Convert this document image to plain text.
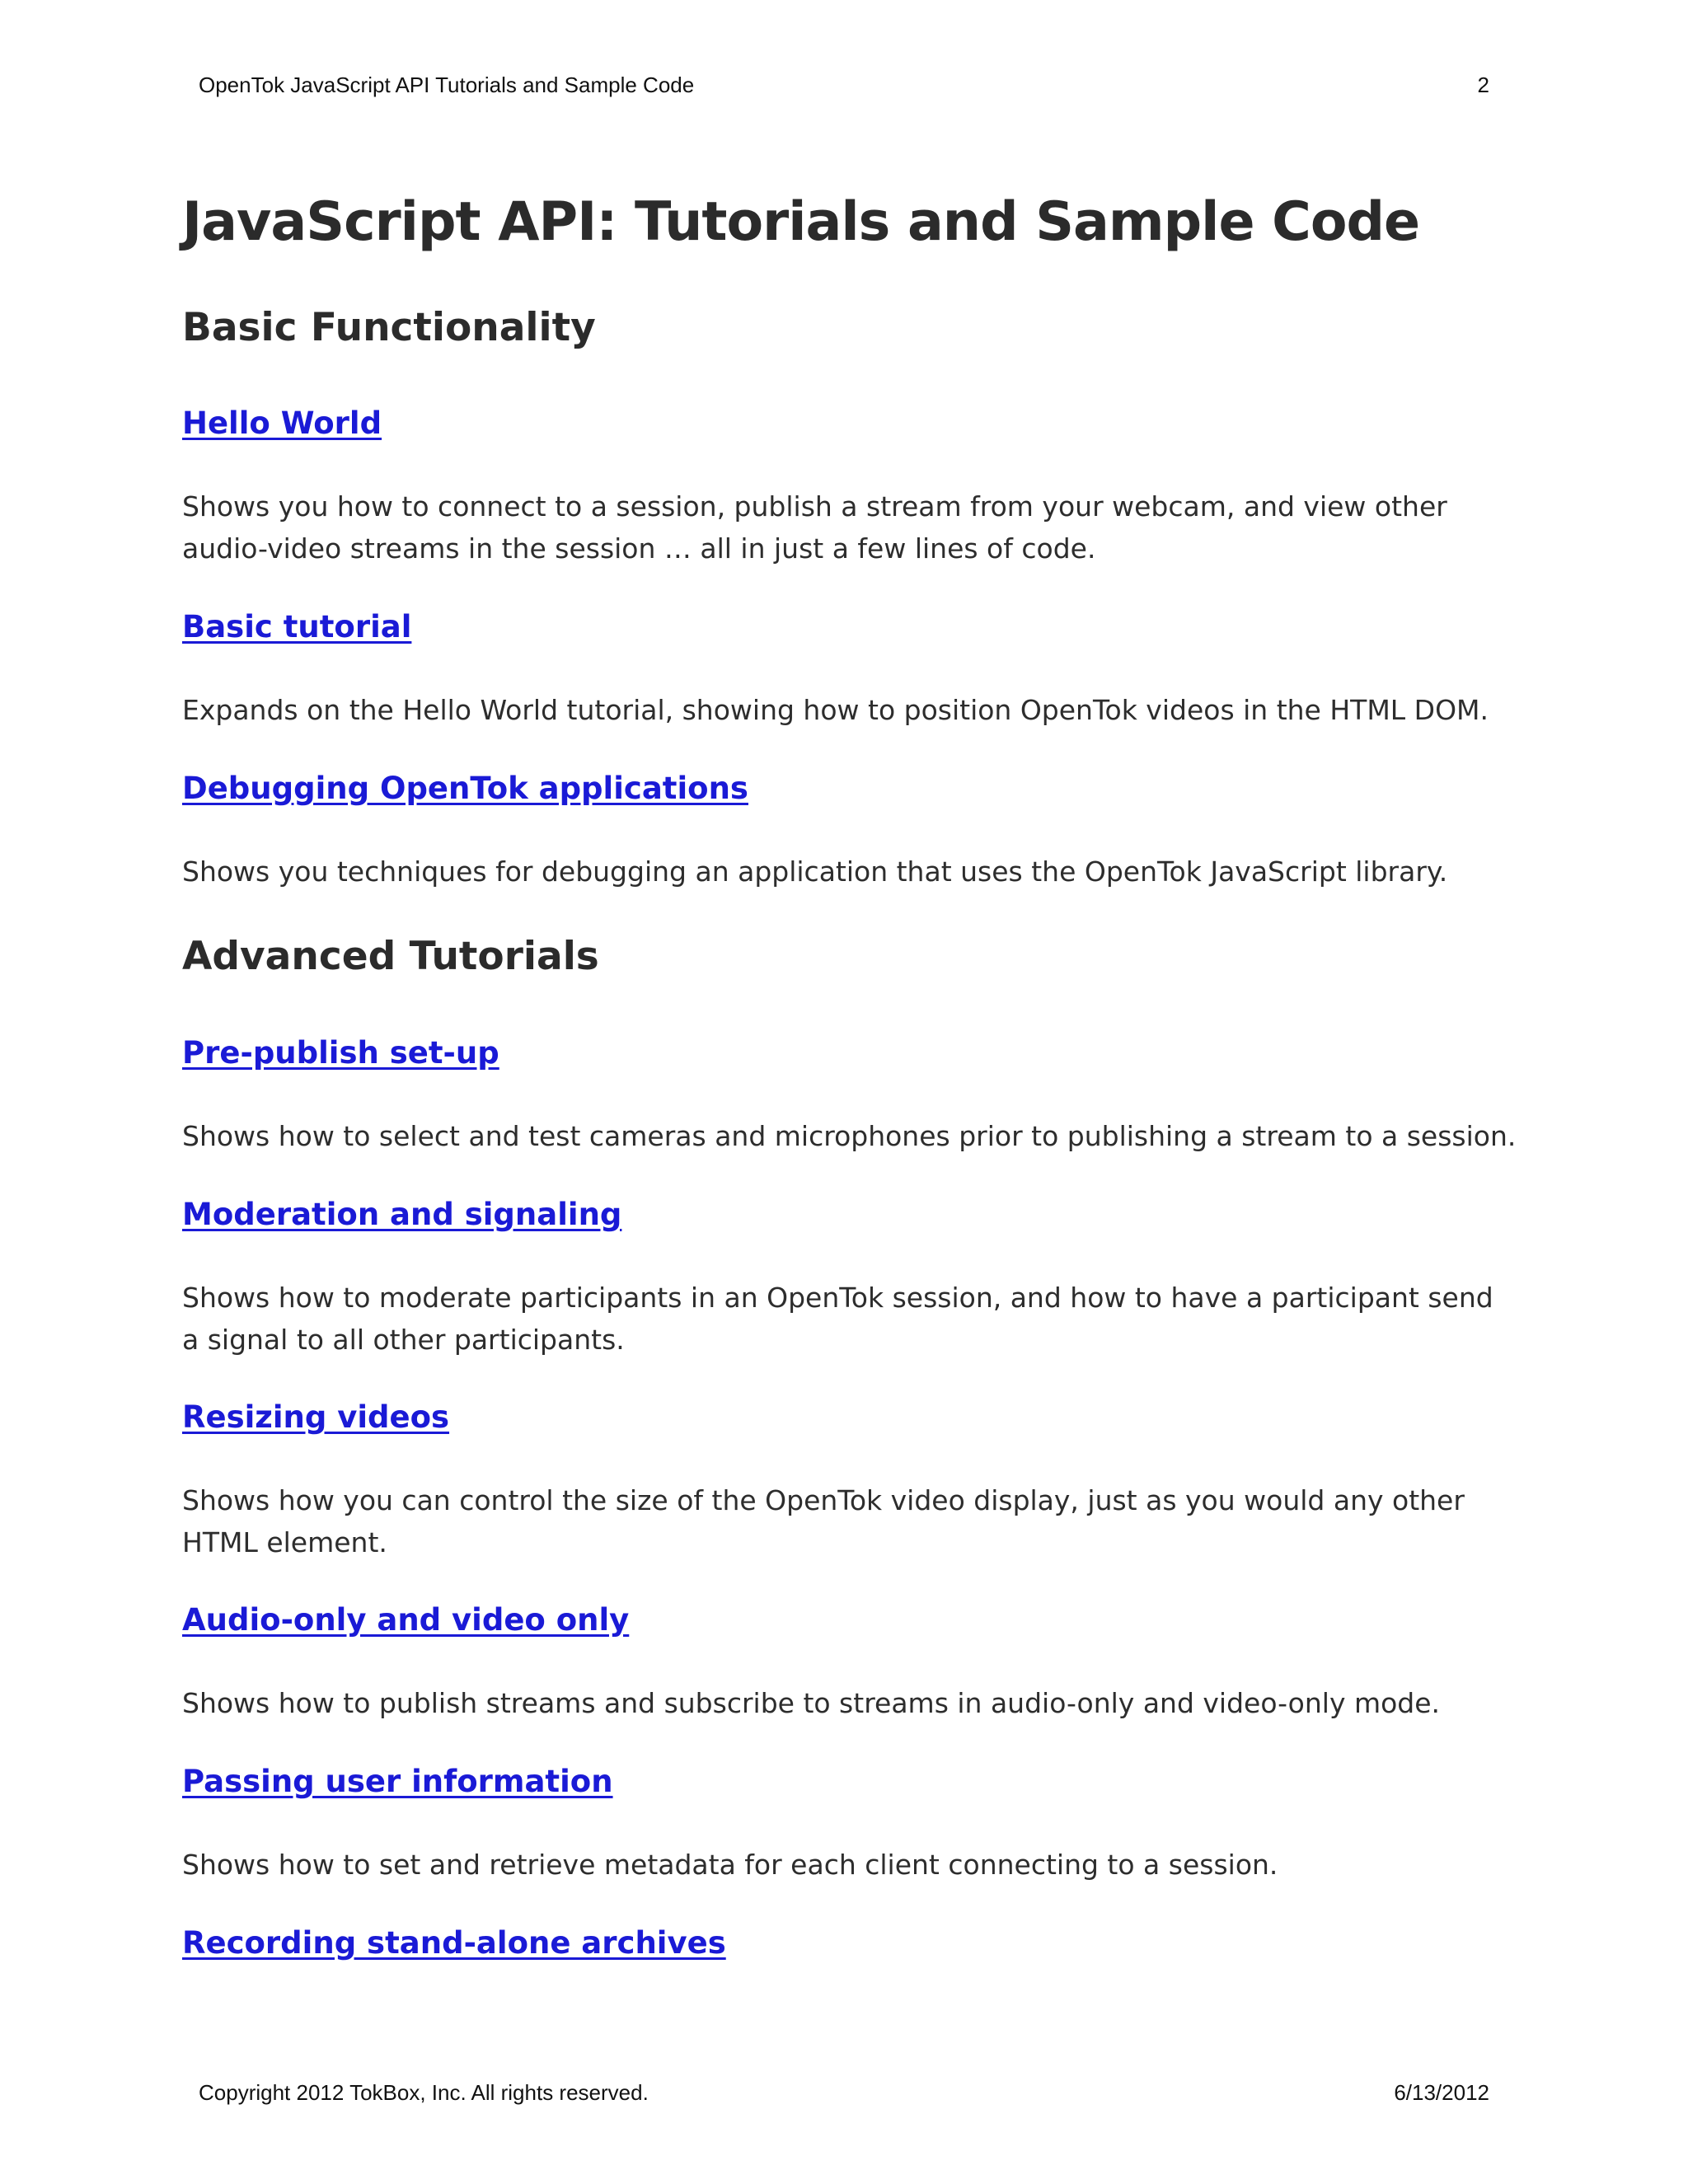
OpenTok JavaScript API Tutorials and Sample Code	2
JavaScript API: Tutorials and Sample Code
Basic Functionality
Hello World

Shows you how to connect to a session, publish a stream from your webcam, and view other audio-video streams in the session … all in just a few lines of code.

Basic tutorial

Expands on the Hello World tutorial, showing how to position OpenTok videos in the HTML DOM.

Debugging OpenTok applications

Shows you techniques for debugging an application that uses the OpenTok JavaScript library.

Advanced Tutorials
Pre-publish set-up

Shows how to select and test cameras and microphones prior to publishing a stream to a session.

Moderation and signaling

Shows how to moderate participants in an OpenTok session, and how to have a participant send a signal to all other participants.

Resizing videos

Shows how you can control the size of the OpenTok video display, just as you would any other HTML element.

Audio-only and video only

Shows how to publish streams and subscribe to streams in audio-only and video-only mode.

Passing user information

Shows how to set and retrieve metadata for each client connecting to a session.

Recording stand-alone archives
Copyright 2012 TokBox, Inc. All rights reserved.	6/13/2012
